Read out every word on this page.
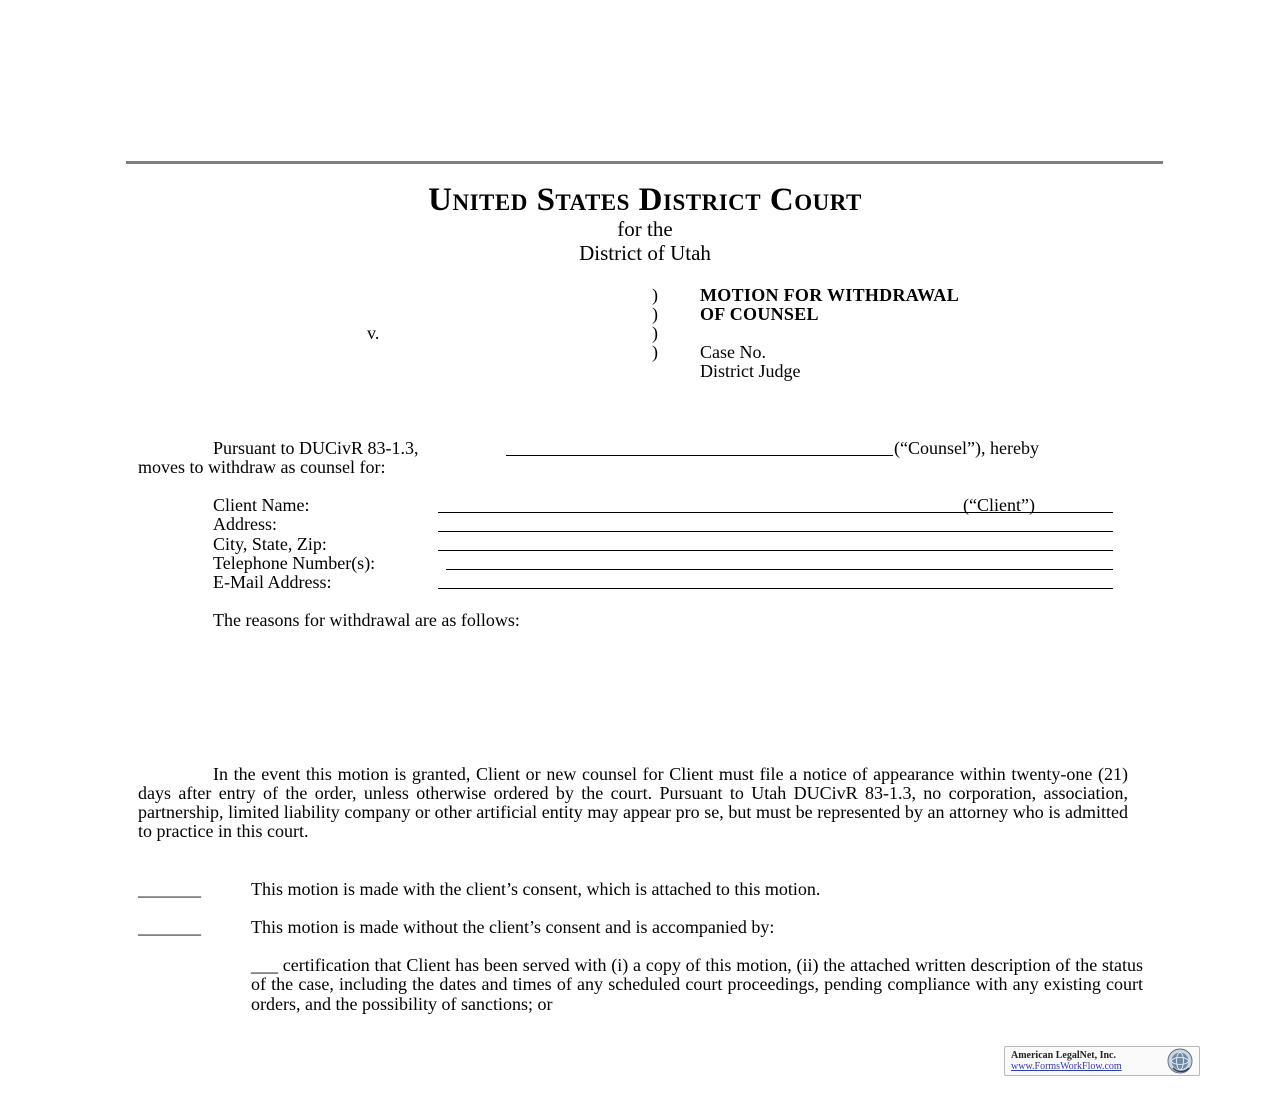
United States District Court
for the
District of Utah
)
)
)
)
v.
MOTION FOR WITHDRAWAL
OF COUNSEL
Case No.
District Judge
Pursuant to DUCivR 83-1.3,	(“Counsel”), hereby
moves to withdraw as counsel for:
Client Name:	(“Client”)
Address:
City, State, Zip:
Telephone Number(s):
E-Mail Address:
The reasons for withdrawal are as follows:
In the event this motion is granted, Client or new counsel for Client must file a notice of appearance within twenty-one (21) days after entry of the order, unless otherwise ordered by the court. Pursuant to Utah DUCivR 83-1.3, no corporation, association, partnership, limited liability company or other artificial entity may appear pro se, but must be represented by an attorney who is admitted to practice in this court.
_______	This motion is made with the client’s consent, which is attached to this motion.
_______	This motion is made without the client’s consent and is accompanied by:
___ certification that Client has been served with (i) a copy of this motion, (ii) the attached written description of the status of the case, including the dates and times of any scheduled court proceedings, pending compliance with any existing court orders, and the possibility of sanctions; or
American LegalNet, Inc.
www.FormsWorkFlow.com
